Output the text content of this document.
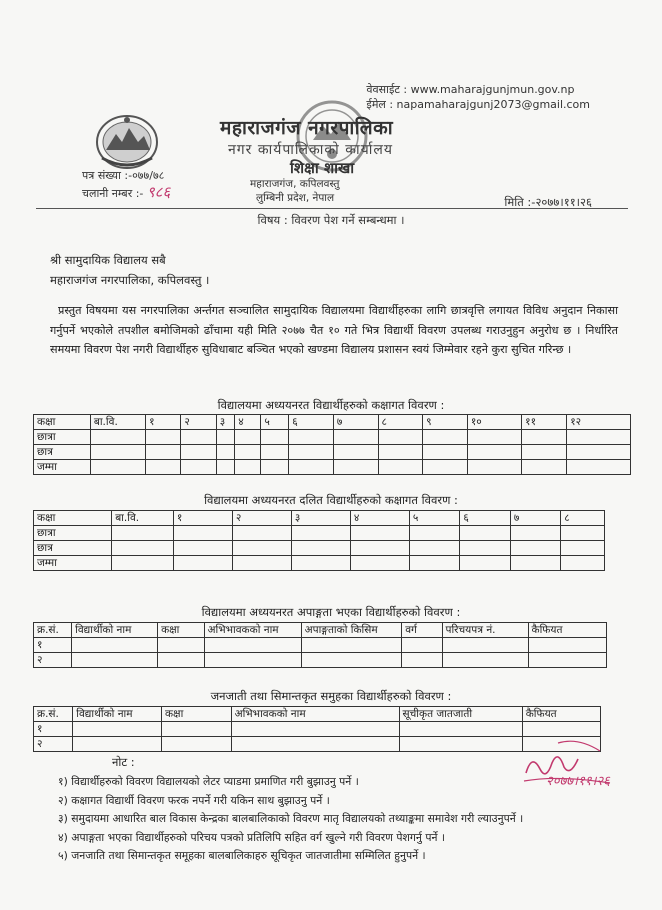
वेवसाईट : www.maharajgunjmun.gov.np
ईमेल : napamaharajgunj2073@gmail.com
महाराजगंज नगरपालिका
नगर कार्यपालिकाको कार्यालय
शिक्षा शाखा
महाराजगंज, कपिलवस्तु
लुम्बिनी प्रदेश, नेपाल
पत्र संख्या :-०७७/७८
चलानी नम्बर :- ९८६
मिति :-२०७७।११।२६
विषय : विवरण पेश गर्ने सम्बन्धमा ।
श्री सामुदायिक विद्यालय सबै
महाराजगंज नगरपालिका, कपिलवस्तु ।
प्रस्तुत विषयमा यस नगरपालिका अर्न्तगत सञ्चालित सामुदायिक विद्यालयमा विद्यार्थीहरुका लागि छात्रवृत्ति लगायत विविध अनुदान निकासा गर्नुपर्ने भएकोले तपशील बमोजिमको ढाँचामा यही मिति २०७७ चैत १० गते भित्र विद्यार्थी विवरण उपलब्ध गराउनुहुन अनुरोध छ । निर्धारित समयमा विवरण पेश नगरी विद्यार्थीहरु सुविधाबाट बञ्चित भएको खण्डमा विद्यालय प्रशासन स्वयं जिम्मेवार रहने कुरा सुचित गरिन्छ ।
विद्यालयमा अध्ययनरत विद्यार्थीहरुको कक्षागत विवरण :
कक्षा	बा.वि.	१	२	३	४	५	६	७	८	९	१०	११	१२
छात्रा													
छात्र													
जम्मा													
विद्यालयमा अध्ययनरत दलित विद्यार्थीहरुको कक्षागत विवरण :
कक्षा	बा.वि.	१	२	३	४	५	६	७	८
छात्रा									
छात्र									
जम्मा									
विद्यालयमा अध्ययनरत अपाङ्गता भएका विद्यार्थीहरुको विवरण :
क्र.सं.	विद्यार्थीको नाम	कक्षा	अभिभावकको नाम	अपाङ्गताको किसिम	वर्ग	परिचयपत्र नं.	कैफियत
१							
२							
जनजाती तथा सिमान्तकृत समुहका विद्यार्थीहरुको विवरण :
क्र.सं.	विद्यार्थीको नाम	कक्षा	अभिभावकको नाम	सूचीकृत जातजाती	कैफियत
१					
२					
नोट :
१) विद्यार्थीहरुको विवरण विद्यालयको लेटर प्याडमा प्रमाणित गरी बुझाउनु पर्ने ।
२) कक्षागत विद्यार्थी विवरण फरक नपर्ने गरी यकिन साथ बुझाउनु पर्ने ।
३) समुदायमा आधारित बाल विकास केन्द्रका बालबालिकाको विवरण मातृ विद्यालयको तथ्याङ्कमा समावेश गरी ल्याउनुपर्ने ।
४) अपाङ्गता भएका विद्यार्थीहरुको परिचय पत्रको प्रतिलिपि सहित वर्ग खुल्ने गरी विवरण पेशगर्नु पर्ने ।
५) जनजाति तथा सिमान्तकृत समूहका बालबालिकाहरु सूचिकृत जातजातीमा सम्मिलित हुनुपर्ने ।
२०७७।११।२६
